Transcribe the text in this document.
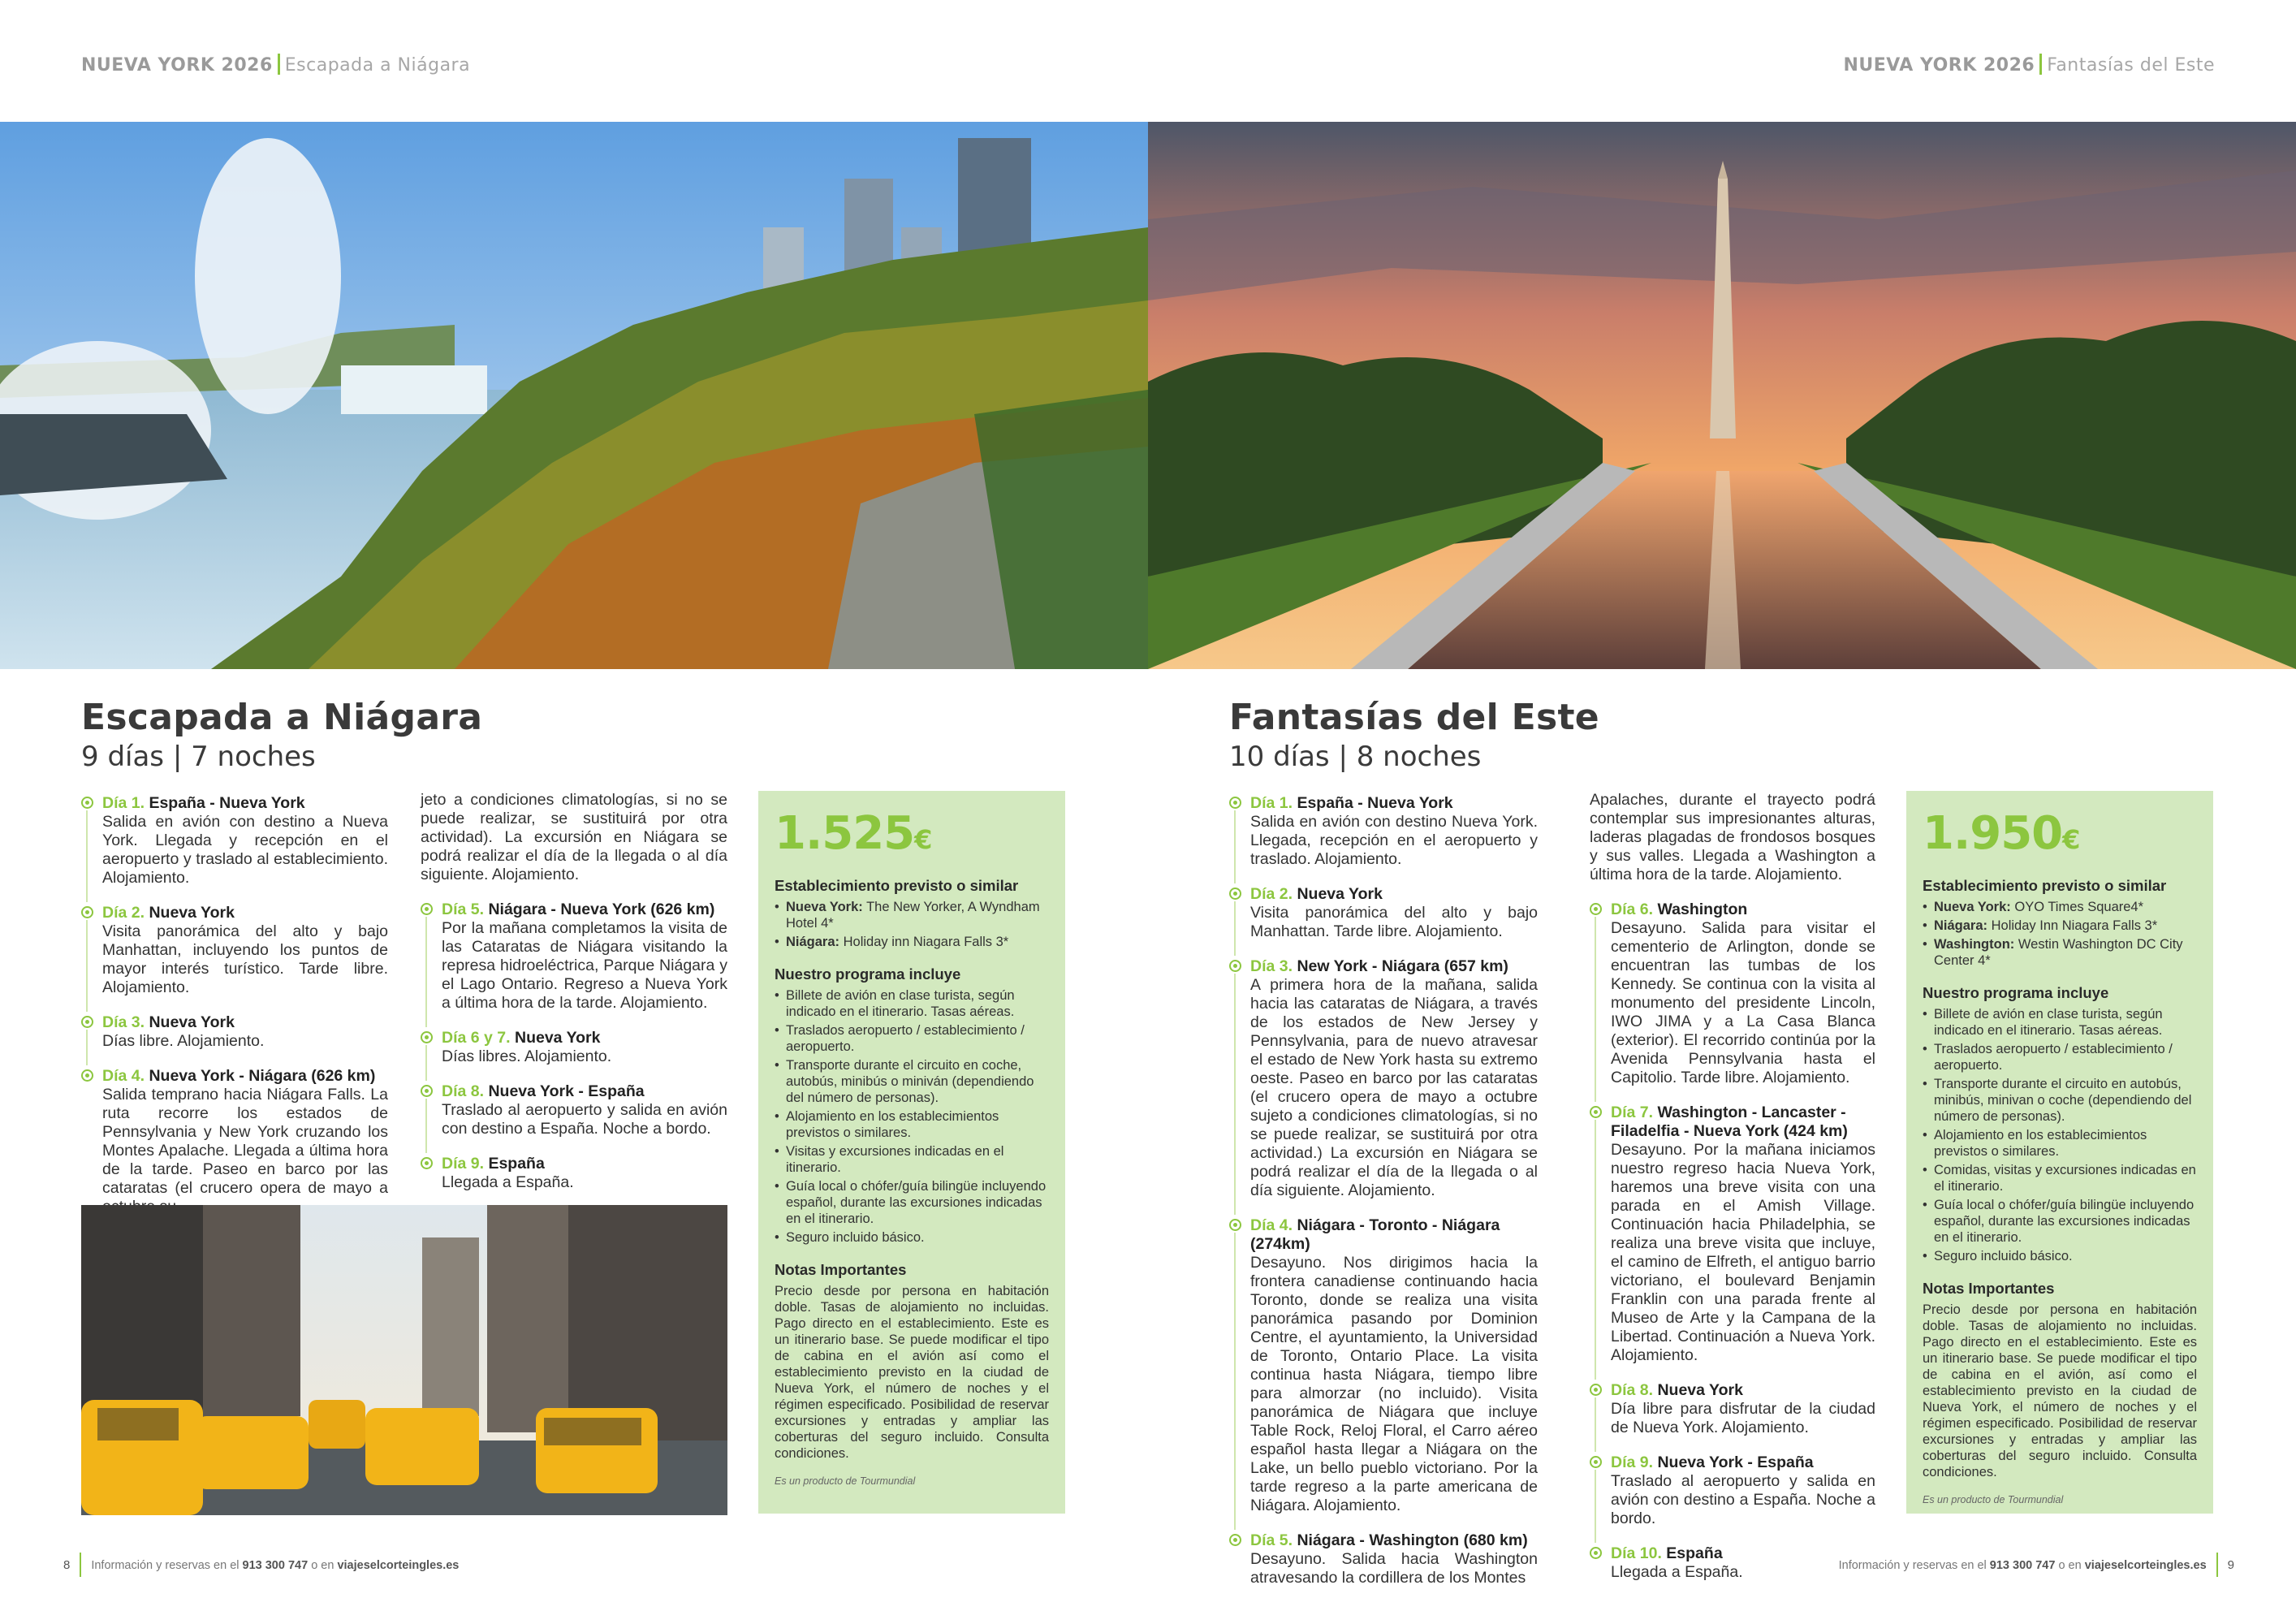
NUEVA YORK 2026 Escapada a Niágara	NUEVA YORK 2026 Fantasías del Este
Escapada a Niágara
9 días | 7 noches
Día 1. España - Nueva York

Salida en avión con destino a Nueva York. Llegada y recepción en el aeropuerto y traslado al establecimiento. Alojamiento.

Día 2. Nueva York

Visita panorámica del alto y bajo Manhattan, incluyendo los puntos de mayor interés turístico. Tarde libre. Alojamiento.

Día 3. Nueva York

Días libre. Alojamiento.

Día 4. Nueva York - Niágara (626 km)

Salida temprano hacia Niágara Falls. La ruta recorre los estados de Pennsylvania y New York cruzando los Montes Apalache. Llegada a última hora de la tarde. Paseo en barco por las cataratas (el crucero opera de mayo a

jeto a condiciones climatologías, si no se puede realizar, se sustituirá por otra actividad). La excursión en Niágara se podrá realizar el día de la llegada o al día siguiente. Alojamiento.

Día 5. Niágara - Nueva York (626 km)

Por la mañana completamos la visita de las Cataratas de Niágara visitando la represa hidroeléctrica, Parque Niágara y el Lago Ontario. Regreso a Nueva York a última hora de la tarde. Alojamiento.

Día 6 y 7. Nueva York

Días libres. Alojamiento.

Día 8. Nueva York - España

Traslado al aeropuerto y salida en avión con destino a España. Noche a bordo.

Día 9. España

Llegada a España.

1.525€
Establecimiento previsto o similar
• Nueva York: The New Yorker, A Wyndham Hotel 4*
• Niágara: Holiday inn Niagara Falls 3*
Nuestro programa incluye
• Billete de avión en clase turista, según indicado en el itinerario. Tasas aéreas.
• Traslados aeropuerto / establecimiento / aeropuerto.
• Transporte durante el circuito en coche, autobús, minibús o miniván (dependiendo del número de personas).
• Alojamiento en los establecimientos previstos o similares.
• Visitas y excursiones indicadas en el itinerario.
• Guía local o chófer/guía bilingüe incluyendo español, durante las excursiones indicadas en el itinerario.
• Seguro incluido básico.
Notas Importantes

Precio desde por persona en habitación doble. Tasas de alojamiento no incluidas. Pago directo en el establecimiento. Este es un itinerario base. Se puede modificar el tipo de cabina en el avión así como el establecimiento previsto en la ciudad de Nueva York, el número de noches y el régimen especificado. Posibilidad de reservar excursiones y entradas y ampliar las coberturas del seguro incluido. Consulta condiciones.

Es un producto de Tourmundial
Fantasías del Este
10 días | 8 noches
Día 1. España - Nueva York

Salida en avión con destino Nueva York. Llegada, recepción en el aeropuerto y traslado. Alojamiento.

Día 2. Nueva York

Visita panorámica del alto y bajo Manhattan. Tarde libre. Alojamiento.

Día 3. New York - Niágara (657 km)

A primera hora de la mañana, salida hacia las cataratas de Niágara, a través de los estados de New Jersey y Pennsylvania, para de nuevo atravesar el estado de New York hasta su extremo oeste. Paseo en barco por las cataratas (el crucero opera de mayo a octubre sujeto a condiciones climatologías, si no se puede realizar, se sustituirá por otra actividad.) La excursión en Niágara se podrá realizar el día de la llegada o al día siguiente. Alojamiento.

Día 4. Niágara - Toronto - Niágara (274km)

Desayuno. Nos dirigimos hacia la frontera canadiense continuando hacia Toronto, donde se realiza una visita panorámica pasando por Dominion Centre, el ayuntamiento, la Universidad de Toronto, Ontario Place. La visita continua hasta Niágara, tiempo libre para almorzar (no incluido). Visita panorámica de Niágara que incluye Table Rock, Reloj Floral, el Carro aéreo español hasta llegar a Niágara on the Lake, un bello pueblo victoriano. Por la tarde regreso a la parte americana de Niágara. Alojamiento.

Día 5. Niágara - Washington (680 km)

Desayuno. Salida hacia Washington atravesando la cordillera de los Montes

Apalaches, durante el trayecto podrá contemplar sus impresionantes alturas, laderas plagadas de frondosos bosques y sus valles. Llegada a Washington a última hora de la tarde. Alojamiento.

Día 6. Washington

Desayuno. Salida para visitar el cementerio de Arlington, donde se encuentran las tumbas de los Kennedy. Se continua con la visita al monumento del presidente Lincoln, IWO JIMA y a La Casa Blanca (exterior). El recorrido continúa por la Avenida Pennsylvania hasta el Capitolio. Tarde libre. Alojamiento.

Día 7. Washington - Lancaster - Filadelfia - Nueva York (424 km)

Desayuno. Por la mañana iniciamos nuestro regreso hacia Nueva York, haremos una breve visita con una parada en el Amish Village. Continuación hacia Philadelphia, se realiza una breve visita que incluye, el camino de Elfreth, el antiguo barrio victoriano, el boulevard Benjamin Franklin con una parada frente al Museo de Arte y la Campana de la Libertad. Continuación a Nueva York. Alojamiento.

Día 8. Nueva York

Día libre para disfrutar de la ciudad de Nueva York. Alojamiento.

Día 9. Nueva York - España

Traslado al aeropuerto y salida en avión con destino a España. Noche a bordo.

Día 10. España

Llegada a España.

1.950€
Establecimiento previsto o similar
• Nueva York: OYO Times Square4*
• Niágara: Holiday Inn Niagara Falls 3*
• Washington: Westin Washington DC City Center 4*
Nuestro programa incluye
• Billete de avión en clase turista, según indicado en el itinerario. Tasas aéreas.
• Traslados aeropuerto / establecimiento / aeropuerto.
• Transporte durante el circuito en autobús, minibús, minivan o coche (dependiendo del número de personas).
• Alojamiento en los establecimientos previstos o similares.
• Comidas, visitas y excursiones indicadas en el itinerario.
• Guía local o chófer/guía bilingüe incluyendo español, durante las excursiones indicadas en el itinerario.
• Seguro incluido básico.
Notas Importantes

Precio desde por persona en habitación doble. Tasas de alojamiento no incluidas. Pago directo en el establecimiento. Este es un itinerario base. Se puede modificar el tipo de cabina en el avión, así como el establecimiento previsto en la ciudad de Nueva York, el número de noches y el régimen especificado. Posibilidad de reservar excursiones y entradas y ampliar las coberturas del seguro incluido. Consulta condiciones.

Es un producto de Tourmundial
8 Información y reservas en el 913 300 747 o en viajeselcorteingles.es	Información y reservas en el 913 300 747 o en viajeselcorteingles.es 9
